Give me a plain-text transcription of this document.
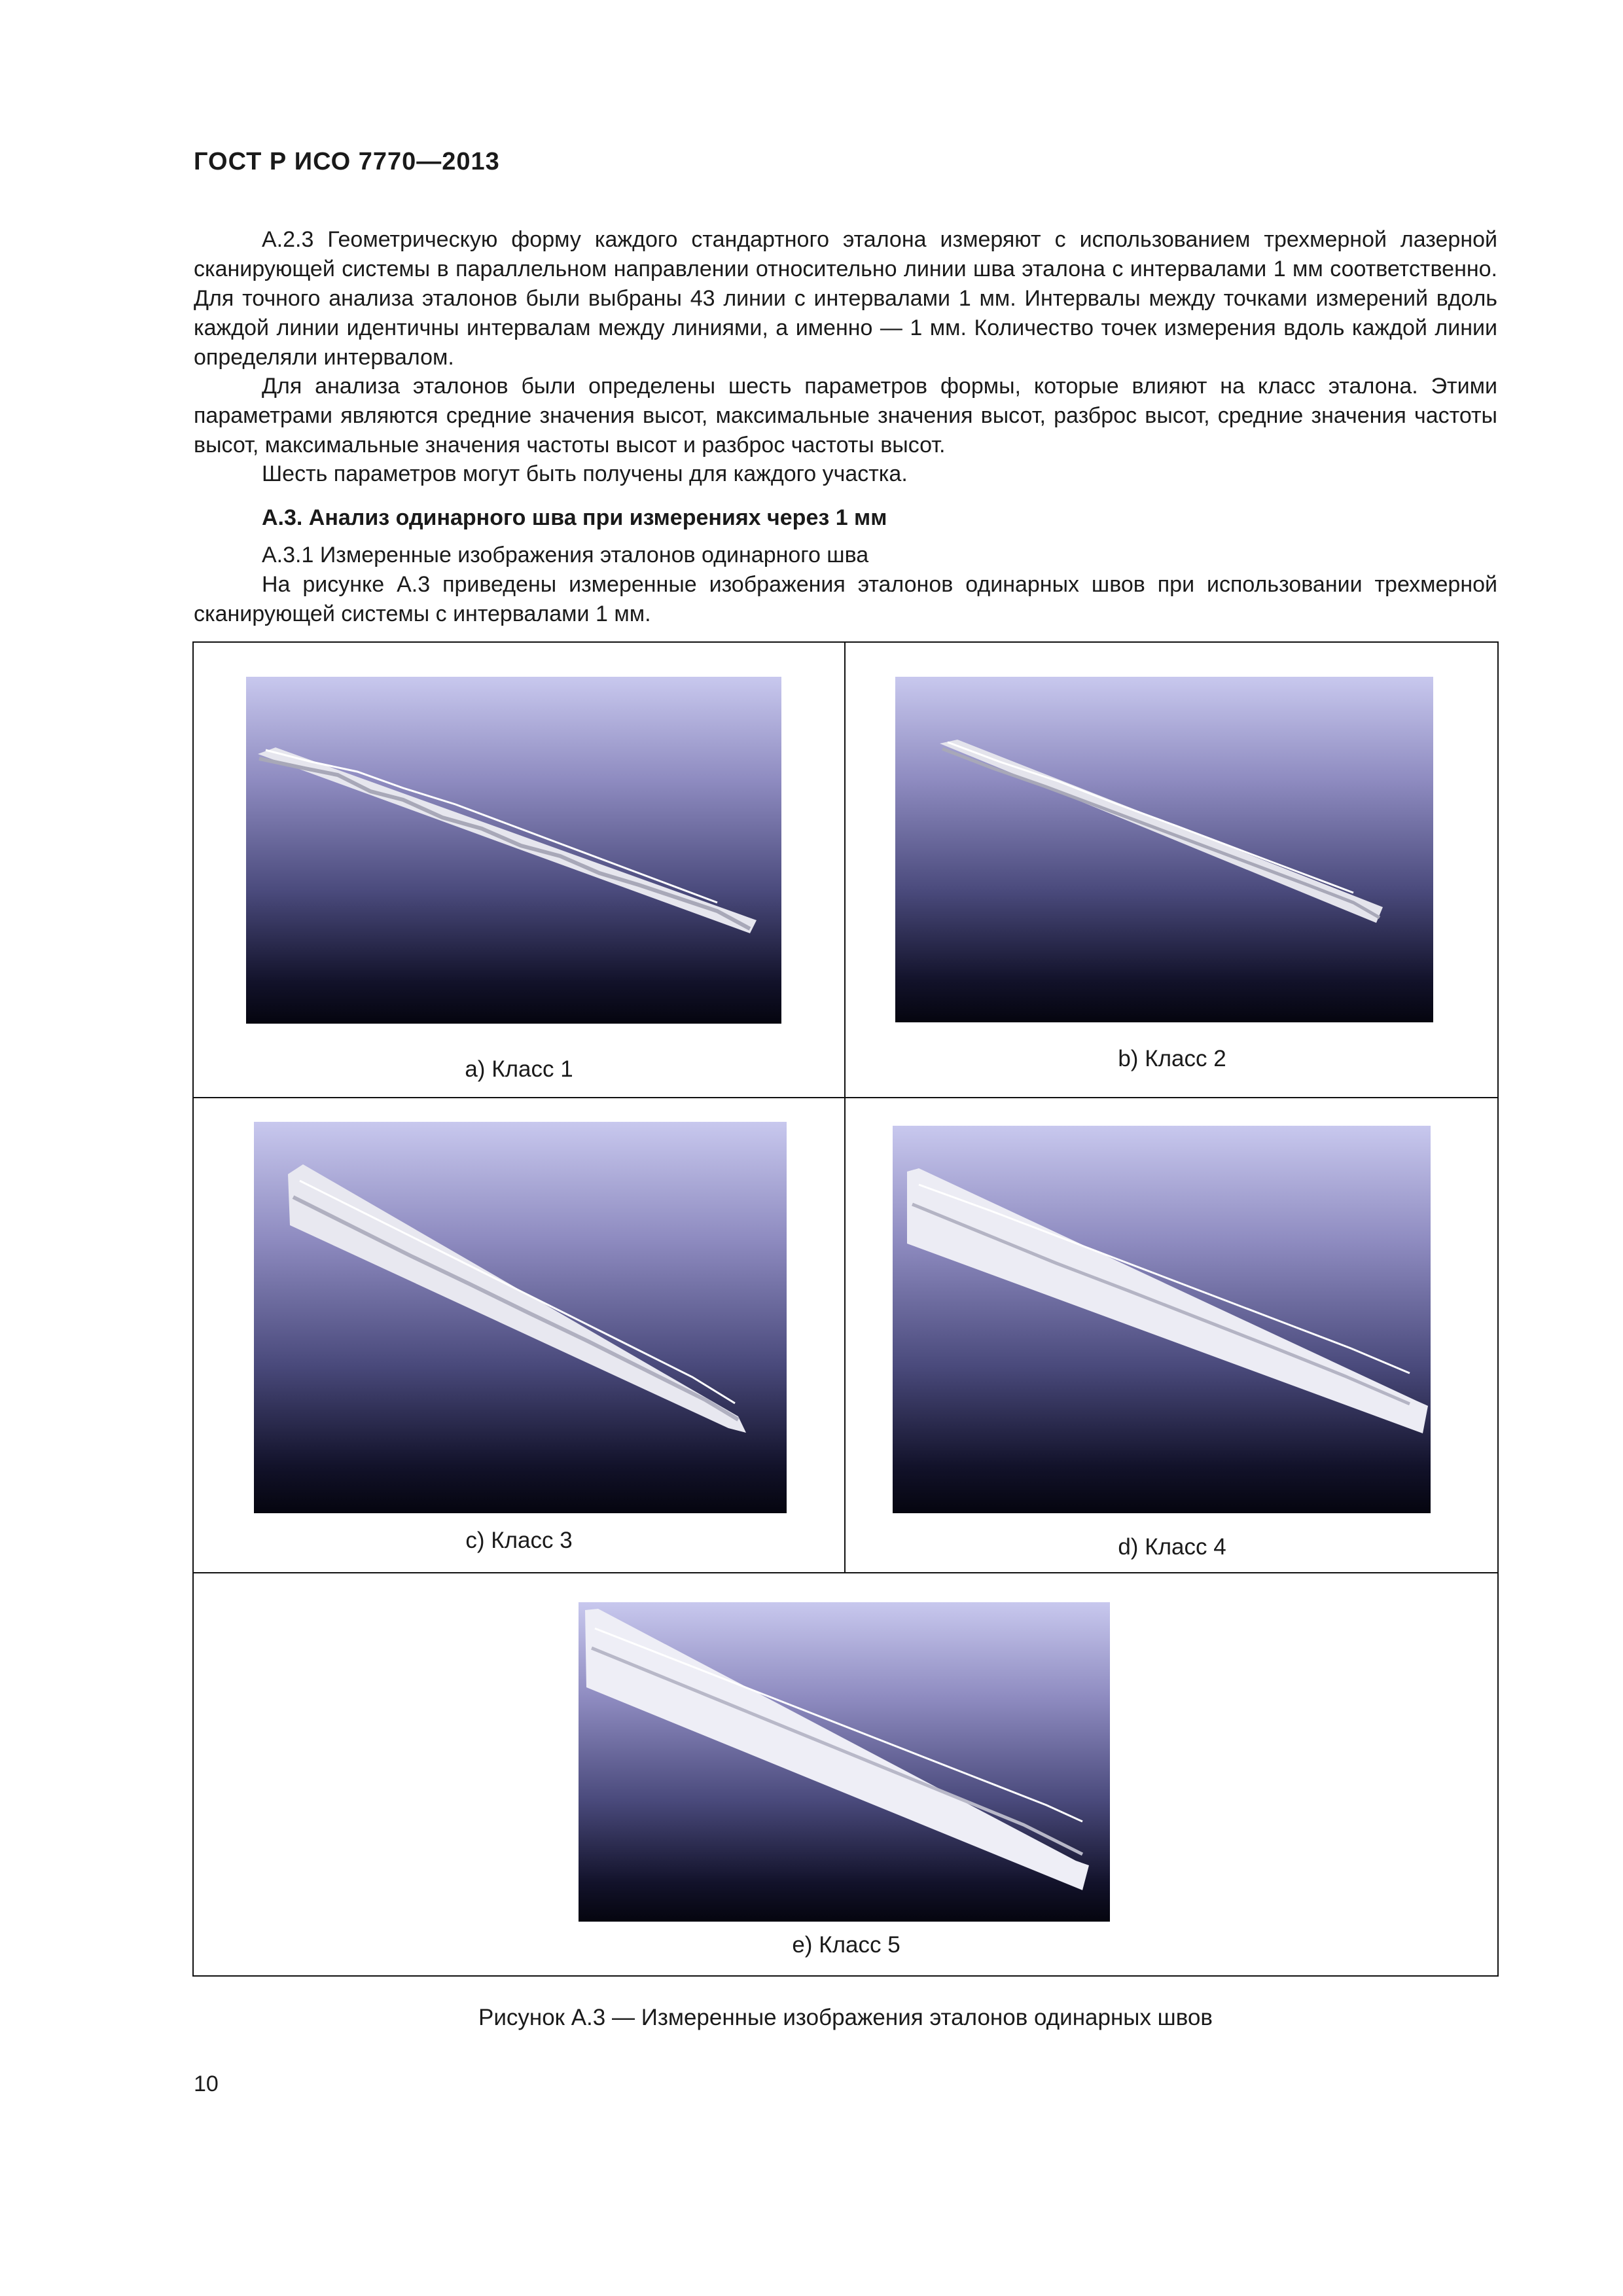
ГОСТ Р ИСО 7770—2013

А.2.3 Геометрическую форму каждого стандартного эталона измеряют с использованием трехмерной лазерной сканирующей системы в параллельном направлении относительно линии шва эталона с интервалами 1 мм соответственно. Для точного анализа эталонов были выбраны 43 линии с интервалами 1 мм. Интервалы между точками измерений вдоль каждой линии идентичны интервалам между линиями, а именно — 1 мм. Количество точек измерения вдоль каждой линии определяли интервалом.

Для анализа эталонов были определены шесть параметров формы, которые влияют на класс эталона. Этими параметрами являются средние значения высот, максимальные значения высот, разброс высот, средние значения частоты высот, максимальные значения частоты высот и разброс частоты высот.

Шесть параметров могут быть получены для каждого участка.

А.3. Анализ одинарного шва при измерениях через 1 мм

А.3.1 Измеренные изображения эталонов одинарного шва

На рисунке А.3 приведены измеренные изображения эталонов одинарных швов при использовании трехмерной сканирующей системы с интервалами 1 мм.

a) Класс 1	b) Класс 2
c) Класс 3	d) Класс 4
e) Класс 5
Рисунок А.3 — Измеренные изображения эталонов одинарных швов
10
